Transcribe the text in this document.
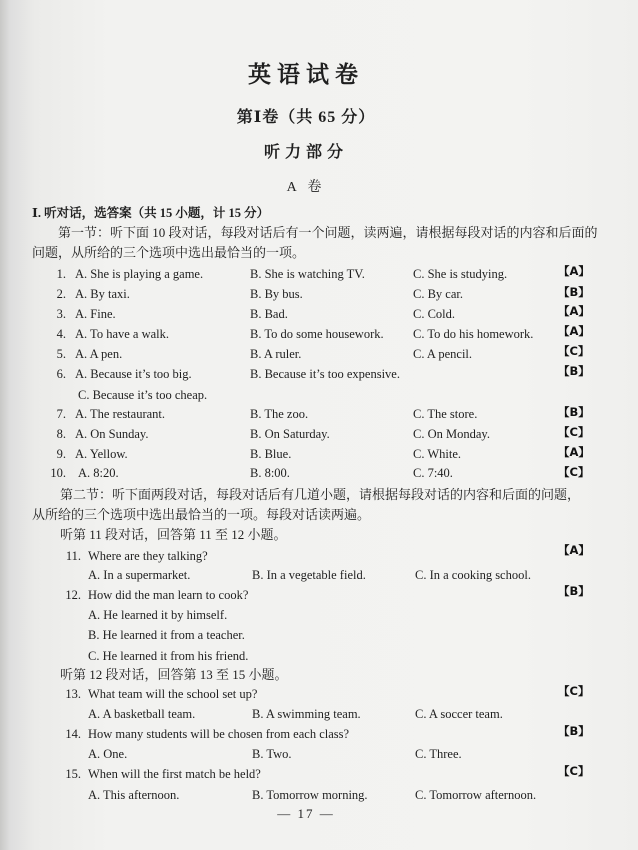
英语试卷
第Ⅰ卷（共 65 分）
听力部分
A 卷
Ⅰ. 听对话，选答案（共 15 小题，计 15 分）
第一节：听下面 10 段对话，每段对话后有一个问题，读两遍，请根据每段对话的内容和后面的
问题，从所给的三个选项中选出最恰当的一项。
1. A. She is playing a game.	B. She is watching TV.	C. She is studying.	【A】
2. A. By taxi.	B. By bus.	C. By car.	【B】
3. A. Fine.	B. Bad.	C. Cold.	【A】
4. A. To have a walk.	B. To do some housework. C. To do his homework. 【A】
5. A. A pen.	B. A ruler.	C. A pencil.	【C】
6. A. Because it’s too big.	B. Because it’s too expensive.	【B】
C. Because it’s too cheap.
7. A. The restaurant.	B. The zoo.	C. The store.	【B】
8. A. On Sunday.	B. On Saturday.	C. On Monday.	【C】
9. A. Yellow.	B. Blue.	C. White.	【A】
10. A. 8:20.	B. 8:00.	C. 7:40.	【C】
第二节：听下面两段对话，每段对话后有几道小题，请根据每段对话的内容和后面的问题，
从所给的三个选项中选出最恰当的一项。每段对话读两遍。
听第 11 段对话，回答第 11 至 12 小题。
11. Where are they talking?	【A】
A. In a supermarket.	B. In a vegetable field.	C. In a cooking school.
12. How did the man learn to cook?	【B】
A. He learned it by himself.
B. He learned it from a teacher.
C. He learned it from his friend.
听第 12 段对话，回答第 13 至 15 小题。
13. What team will the school set up?	【C】
A. A basketball team.	B. A swimming team.	C. A soccer team.
14. How many students will be chosen from each class?	【B】
A. One.	B. Two.	C. Three.
15. When will the first match be held?	【C】
A. This afternoon.	B. Tomorrow morning.	C. Tomorrow afternoon.
— 17 —
